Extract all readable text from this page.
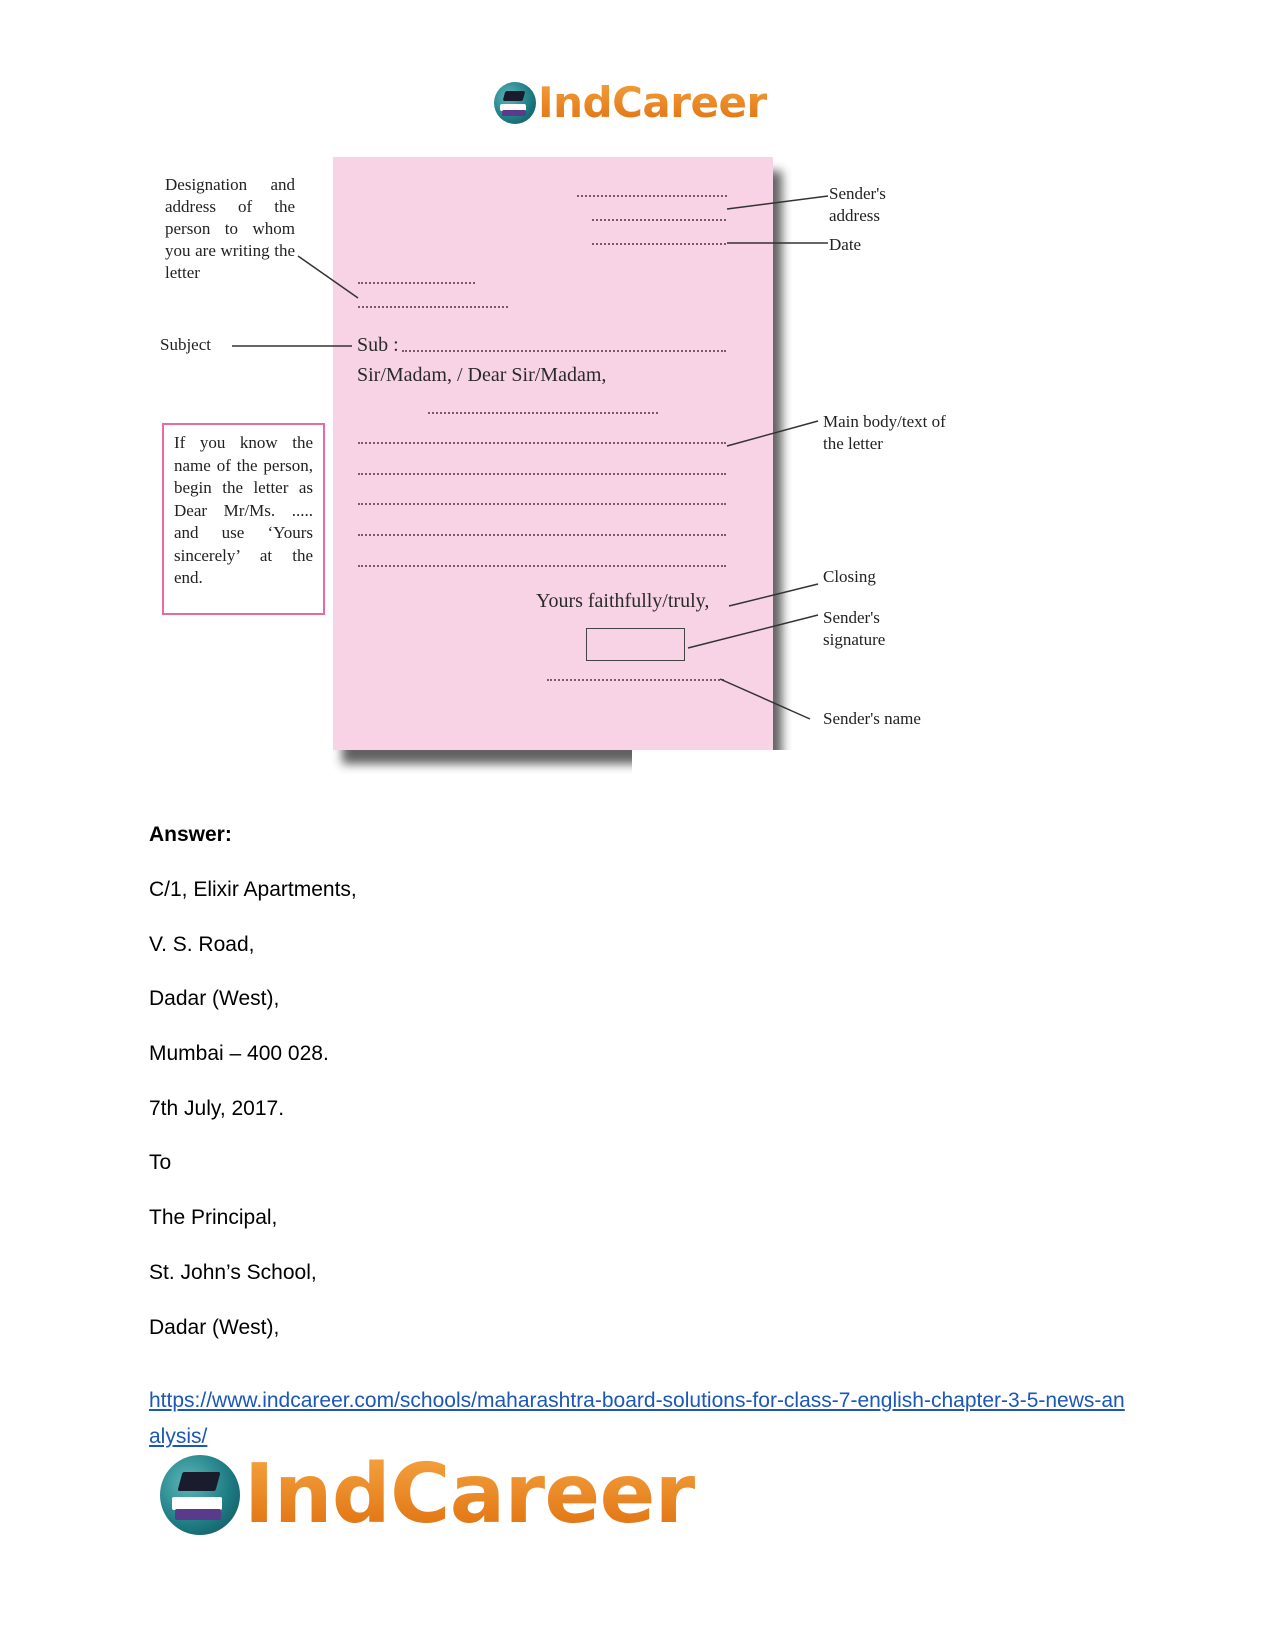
IndCareer
Sub :
Sir/Madam, / Dear Sir/Madam,
Yours faithfully/truly,
Designation and address of the person to whom you are writing the letter
Subject
If you know the name of the person, begin the letter as Dear Mr/Ms. ..... and use ‘Yours sincerely’ at the end.
Sender's address
Date
Main body/text of the letter
Closing
Sender's signature
Sender's name
Answer:
C/1, Elixir Apartments,
V. S. Road,
Dadar (West),
Mumbai – 400 028.
7th July, 2017.
To
The Principal,
St. John’s School,
Dadar (West),
https://www.indcareer.com/schools/maharashtra-board-solutions-for-class-7-english-chapter-3-5-news-analysis/
IndCareer
